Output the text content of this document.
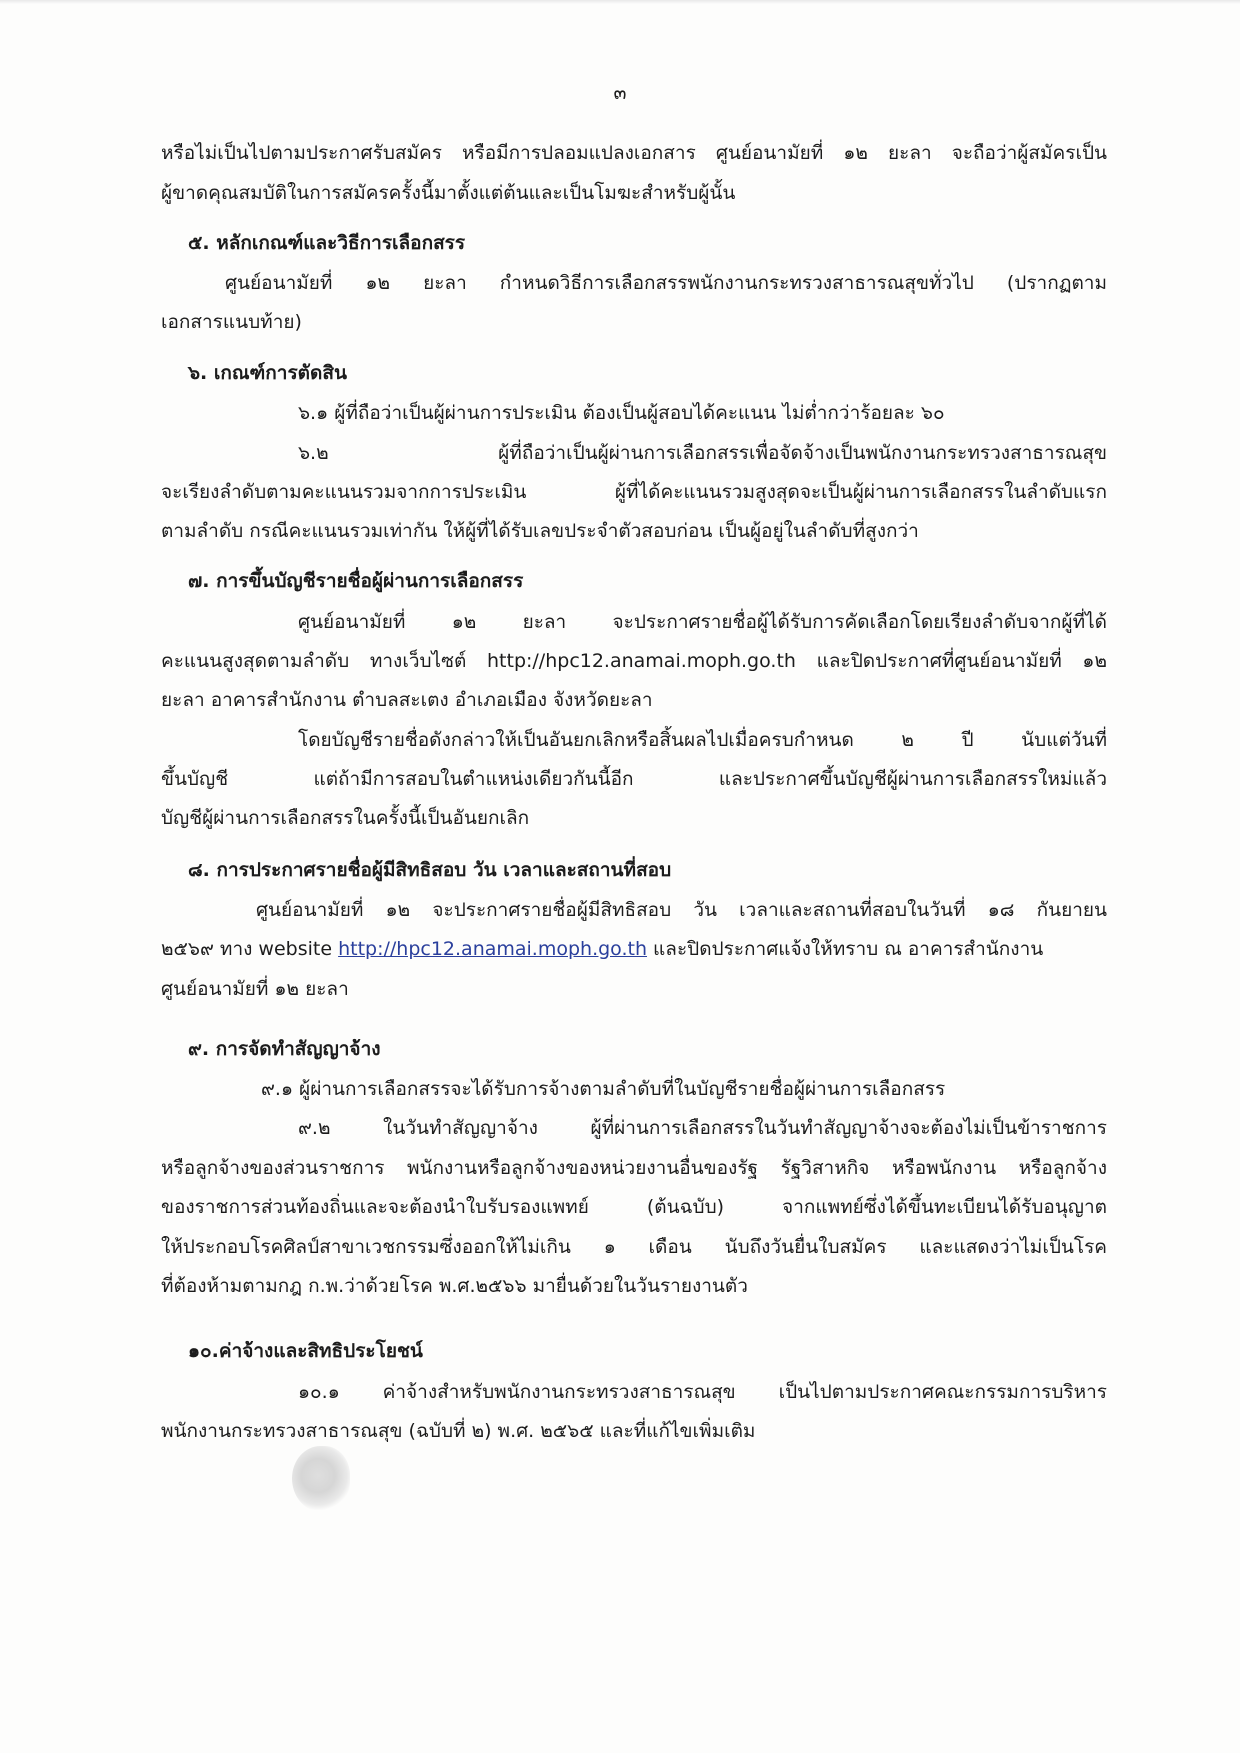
๓
หรือไม่เป็นไปตามประกาศรับสมัคร หรือมีการปลอมแปลงเอกสาร ศูนย์อนามัยที่ ๑๒ ยะลา จะถือว่าผู้สมัครเป็น
ผู้ขาดคุณสมบัติในการสมัครครั้งนี้มาตั้งแต่ต้นและเป็นโมฆะสำหรับผู้นั้น
๕. หลักเกณฑ์และวิธีการเลือกสรร
ศูนย์อนามัยที่ ๑๒ ยะลา กำหนดวิธีการเลือกสรรพนักงานกระทรวงสาธารณสุขทั่วไป (ปรากฏตาม
เอกสารแนบท้าย)
๖. เกณฑ์การตัดสิน
๖.๑ ผู้ที่ถือว่าเป็นผู้ผ่านการประเมิน ต้องเป็นผู้สอบได้คะแนน ไม่ต่ำกว่าร้อยละ ๖๐
๖.๒ ผู้ที่ถือว่าเป็นผู้ผ่านการเลือกสรรเพื่อจัดจ้างเป็นพนักงานกระทรวงสาธารณสุข
จะเรียงลำดับตามคะแนนรวมจากการประเมิน ผู้ที่ได้คะแนนรวมสูงสุดจะเป็นผู้ผ่านการเลือกสรรในลำดับแรก
ตามลำดับ กรณีคะแนนรวมเท่ากัน ให้ผู้ที่ได้รับเลขประจำตัวสอบก่อน เป็นผู้อยู่ในลำดับที่สูงกว่า
๗. การขึ้นบัญชีรายชื่อผู้ผ่านการเลือกสรร
ศูนย์อนามัยที่ ๑๒ ยะลา จะประกาศรายชื่อผู้ได้รับการคัดเลือกโดยเรียงลำดับจากผู้ที่ได้
คะแนนสูงสุดตามลำดับ ทางเว็บไซต์ http://hpc12.anamai.moph.go.th และปิดประกาศที่ศูนย์อนามัยที่ ๑๒
ยะลา อาคารสำนักงาน ตำบลสะเตง อำเภอเมือง จังหวัดยะลา
โดยบัญชีรายชื่อดังกล่าวให้เป็นอันยกเลิกหรือสิ้นผลไปเมื่อครบกำหนด ๒ ปี นับแต่วันที่
ขึ้นบัญชี แต่ถ้ามีการสอบในตำแหน่งเดียวกันนี้อีก และประกาศขึ้นบัญชีผู้ผ่านการเลือกสรรใหม่แล้ว
บัญชีผู้ผ่านการเลือกสรรในครั้งนี้เป็นอันยกเลิก
๘. การประกาศรายชื่อผู้มีสิทธิสอบ วัน เวลาและสถานที่สอบ
ศูนย์อนามัยที่ ๑๒ จะประกาศรายชื่อผู้มีสิทธิสอบ วัน เวลาและสถานที่สอบในวันที่ ๑๘ กันยายน
๒๕๖๙ ทาง website http://hpc12.anamai.moph.go.th และปิดประกาศแจ้งให้ทราบ ณ อาคารสำนักงาน
ศูนย์อนามัยที่ ๑๒ ยะลา
๙. การจัดทำสัญญาจ้าง
๙.๑ ผู้ผ่านการเลือกสรรจะได้รับการจ้างตามลำดับที่ในบัญชีรายชื่อผู้ผ่านการเลือกสรร
๙.๒ ในวันทำสัญญาจ้าง ผู้ที่ผ่านการเลือกสรรในวันทำสัญญาจ้างจะต้องไม่เป็นข้าราชการ
หรือลูกจ้างของส่วนราชการ พนักงานหรือลูกจ้างของหน่วยงานอื่นของรัฐ รัฐวิสาหกิจ หรือพนักงาน หรือลูกจ้าง
ของราชการส่วนท้องถิ่นและจะต้องนำใบรับรองแพทย์ (ต้นฉบับ) จากแพทย์ซึ่งได้ขึ้นทะเบียนได้รับอนุญาต
ให้ประกอบโรคศิลป์สาขาเวชกรรมซึ่งออกให้ไม่เกิน ๑ เดือน นับถึงวันยื่นใบสมัคร และแสดงว่าไม่เป็นโรค
ที่ต้องห้ามตามกฎ ก.พ.ว่าด้วยโรค พ.ศ.๒๕๖๖ มายื่นด้วยในวันรายงานตัว
๑๐.ค่าจ้างและสิทธิประโยชน์
๑๐.๑ ค่าจ้างสำหรับพนักงานกระทรวงสาธารณสุข เป็นไปตามประกาศคณะกรรมการบริหาร
พนักงานกระทรวงสาธารณสุข (ฉบับที่ ๒) พ.ศ. ๒๕๖๕ และที่แก้ไขเพิ่มเติม
